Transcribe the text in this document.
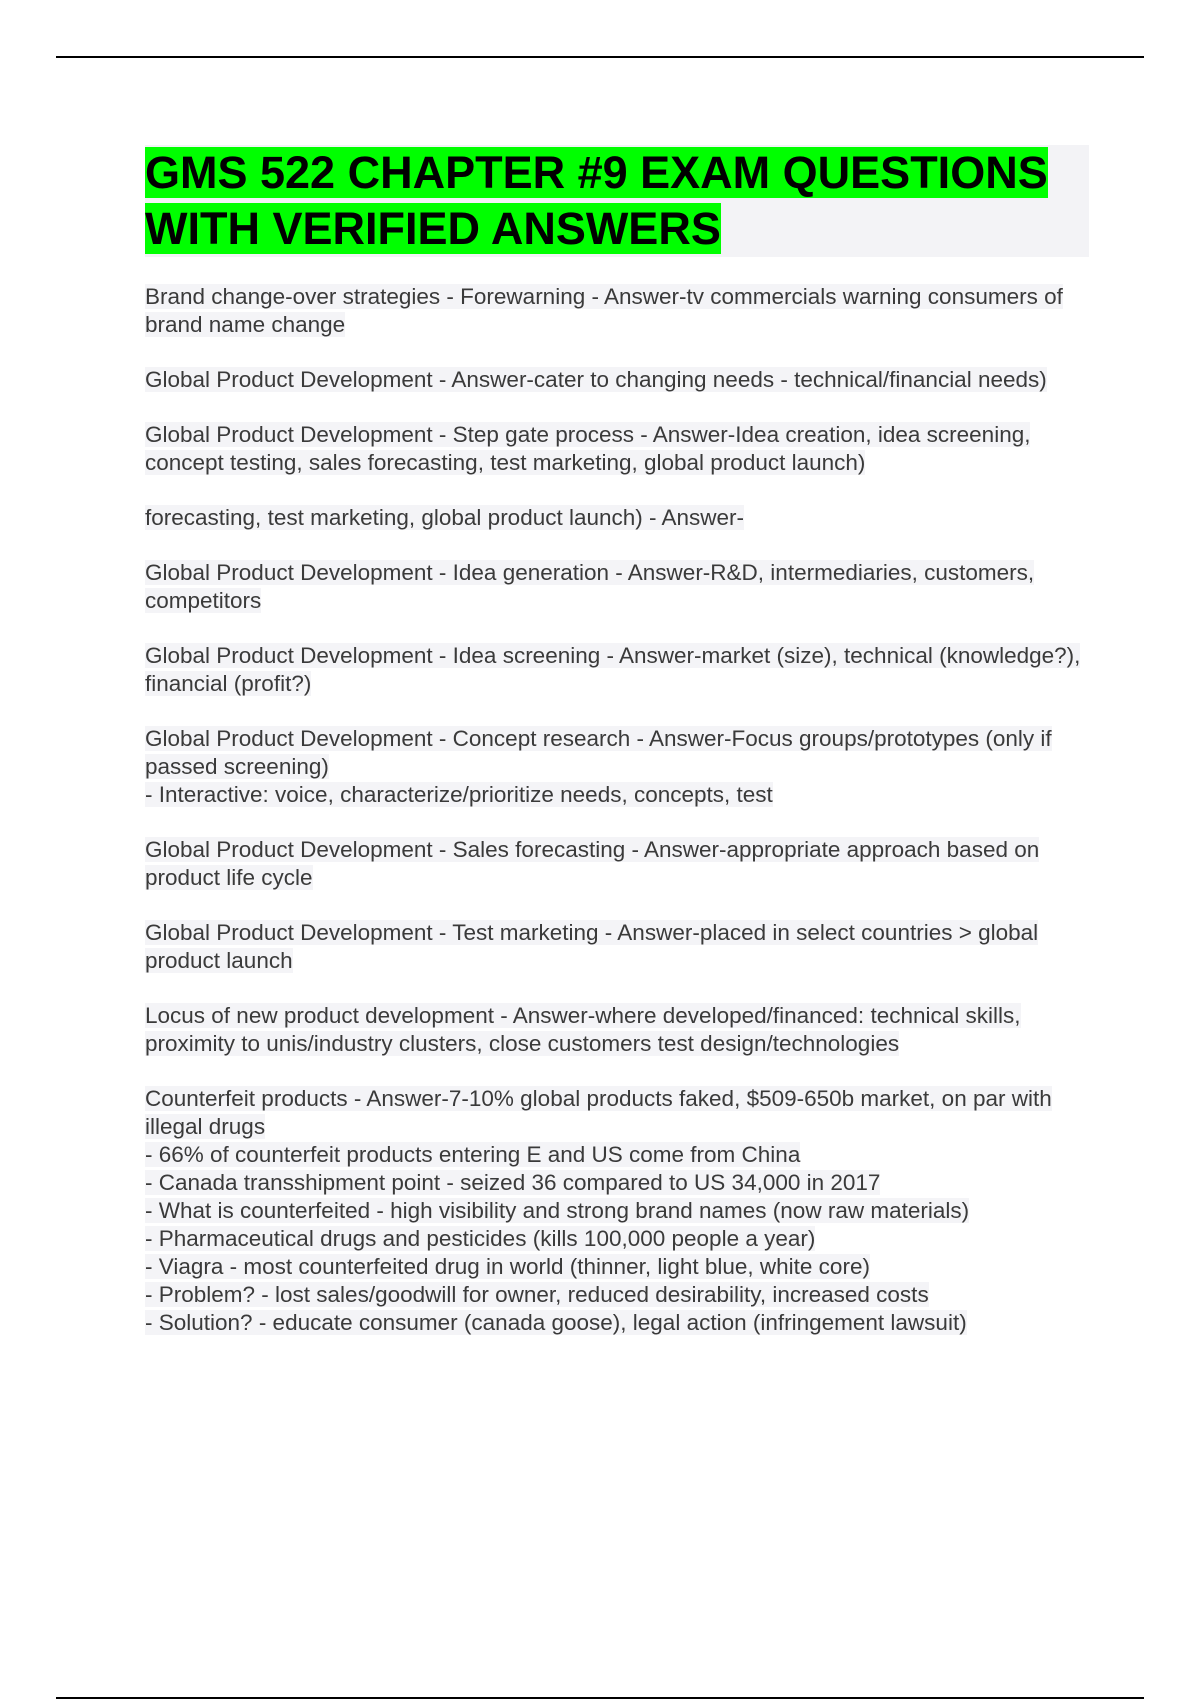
GMS 522 CHAPTER #9 EXAM QUESTIONS WITH VERIFIED ANSWERS

Brand change-over strategies - Forewarning - Answer-tv commercials warning consumers of brand name change

Global Product Development - Answer-cater to changing needs - technical/financial needs)

Global Product Development - Step gate process - Answer-Idea creation, idea screening, concept testing, sales forecasting, test marketing, global product launch)

forecasting, test marketing, global product launch) - Answer-

Global Product Development - Idea generation - Answer-R&D, intermediaries, customers, competitors

Global Product Development - Idea screening - Answer-market (size), technical (knowledge?), financial (profit?)

Global Product Development - Concept research - Answer-Focus groups/prototypes (only if passed screening)
- Interactive: voice, characterize/prioritize needs, concepts, test

Global Product Development - Sales forecasting - Answer-appropriate approach based on product life cycle

Global Product Development - Test marketing - Answer-placed in select countries > global product launch

Locus of new product development - Answer-where developed/financed: technical skills, proximity to unis/industry clusters, close customers test design/technologies

Counterfeit products - Answer-7-10% global products faked, $509-650b market, on par with illegal drugs
- 66% of counterfeit products entering E and US come from China
- Canada transshipment point - seized 36 compared to US 34,000 in 2017
- What is counterfeited - high visibility and strong brand names (now raw materials)
- Pharmaceutical drugs and pesticides (kills 100,000 people a year)
- Viagra - most counterfeited drug in world (thinner, light blue, white core)
- Problem? - lost sales/goodwill for owner, reduced desirability, increased costs
- Solution? - educate consumer (canada goose), legal action (infringement lawsuit)
